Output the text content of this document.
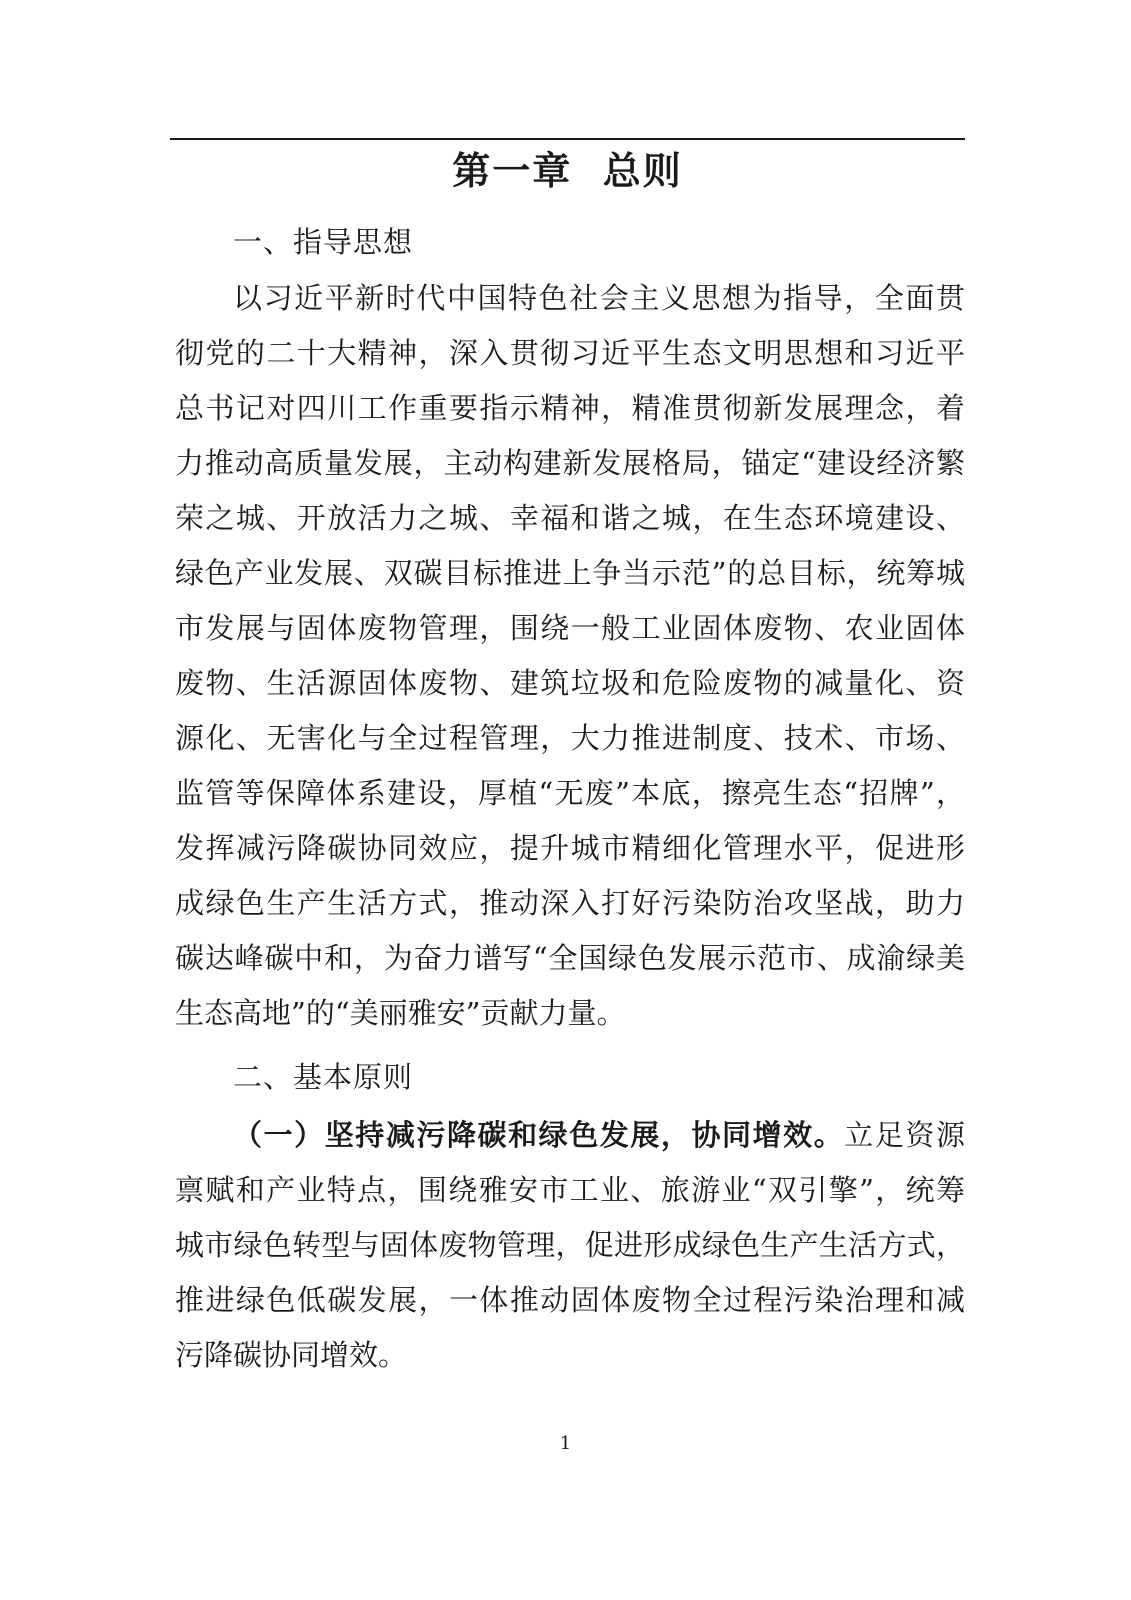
第一章  总则
一、指导思想
以习近平新时代中国特色社会主义思想为指导，全面贯
彻党的二十大精神，深入贯彻习近平生态文明思想和习近平
总书记对四川工作重要指示精神，精准贯彻新发展理念，着
力推动高质量发展，主动构建新发展格局，锚定“建设经济繁
荣之城、开放活力之城、幸福和谐之城，在生态环境建设、
绿色产业发展、双碳目标推进上争当示范”的总目标，统筹城
市发展与固体废物管理，围绕一般工业固体废物、农业固体
废物、生活源固体废物、建筑垃圾和危险废物的减量化、资
源化、无害化与全过程管理，大力推进制度、技术、市场、
监管等保障体系建设，厚植“无废”本底，擦亮生态“招牌”，
发挥减污降碳协同效应，提升城市精细化管理水平，促进形
成绿色生产生活方式，推动深入打好污染防治攻坚战，助力
碳达峰碳中和，为奋力谱写“全国绿色发展示范市、成渝绿美
生态高地”的“美丽雅安”贡献力量。
二、基本原则
（一）坚持减污降碳和绿色发展，协同增效。立足资源
禀赋和产业特点，围绕雅安市工业、旅游业“双引擎”，统筹
城市绿色转型与固体废物管理，促进形成绿色生产生活方式，
推进绿色低碳发展，一体推动固体废物全过程污染治理和减
污降碳协同增效。
1
